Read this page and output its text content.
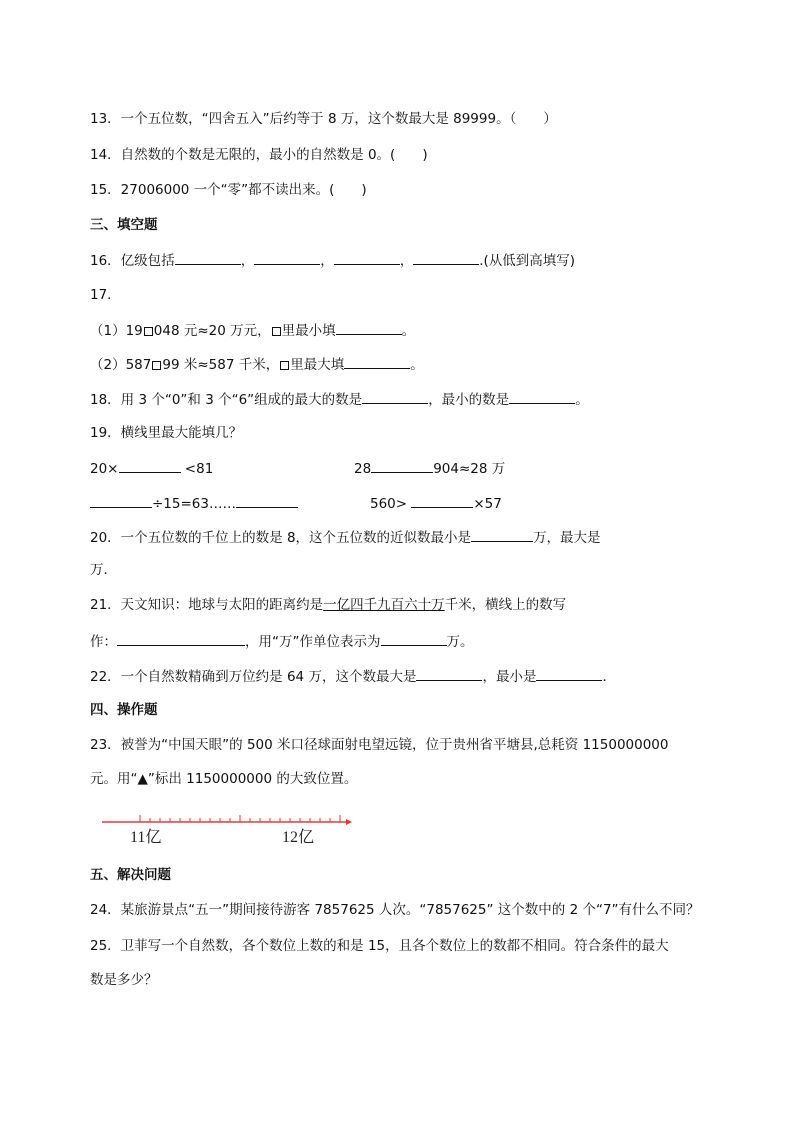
13．一个五位数，“四舍五入”后约等于 8 万，这个数最大是 89999。（　　）
14．自然数的个数是无限的，最小的自然数是 0。(　　)
15．27006000 一个“零”都不读出来。(　　)
三、填空题
16．亿级包括	，	，	，	.(从低到高填写)
17．
（1）19 048 元≈20 万元， 里最小填	。
（2）587 99 米≈587 千米， 里最大填	。
18．用 3 个“0”和 3 个“6”组成的最大的数是	，最小的数是	。
19．横线里最大能填几？
20×	<81	28	904≈28 万
÷15=63……	560>	×57
20．一个五位数的千位上的数是 8，这个五位数的近似数最小是	万，最大是
万．
21．天文知识：地球与太阳的距离约是一亿四千九百六十万千米，横线上的数写
作：	，用“万”作单位表示为	万。
22．一个自然数精确到万位约是 64 万，这个数最大是	，最小是	．
四、操作题
23．被誉为“中国天眼”的 500 米口径球面射电望远镜，位于贵州省平塘县,总耗资 1150000000
元。用“▲”标出 1150000000 的大致位置。
11亿	12亿
五、解决问题
24．某旅游景点“五一”期间接待游客 7857625 人次。“7857625” 这个数中的 2 个“7”有什么不同？
25．卫菲写一个自然数，各个数位上数的和是 15，且各个数位上的数都不相同。符合条件的最大
数是多少？
